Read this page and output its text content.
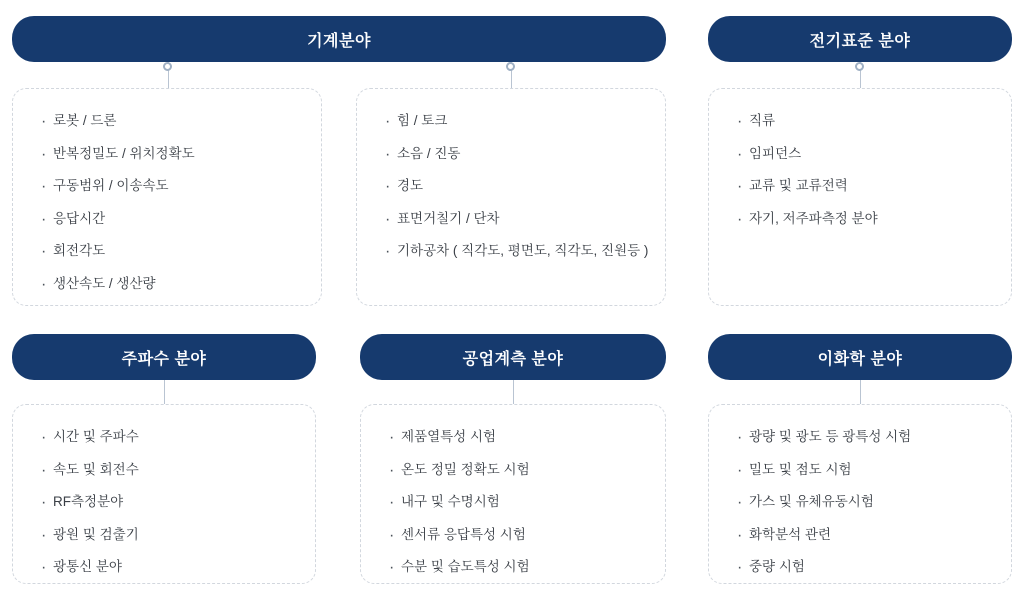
기계분야
· 로봇 / 드론
· 반복정밀도 / 위치정확도
· 구동범위 / 이송속도
· 응답시간
· 회전각도
· 생산속도 / 생산량
· 힘 / 토크
· 소음 / 진동
· 경도
· 표면거칠기 / 단차
· 기하공차 ( 직각도, 평면도, 직각도, 진원등 )
전기표준 분야
· 직류
· 임피던스
· 교류 및 교류전력
· 자기, 저주파측정 분야
주파수 분야
· 시간 및 주파수
· 속도 및 회전수
· RF측정분야
· 광원 및 검출기
· 광통신 분야
공업계측 분야
· 제품열특성 시험
· 온도 정밀 정확도 시험
· 내구 및 수명시험
· 센서류 응답특성 시험
· 수분 및 습도특성 시험
이화학 분야
· 광량 및 광도 등 광특성 시험
· 밀도 및 점도 시험
· 가스 및 유체유동시험
· 화학분석 관련
· 중량 시험
